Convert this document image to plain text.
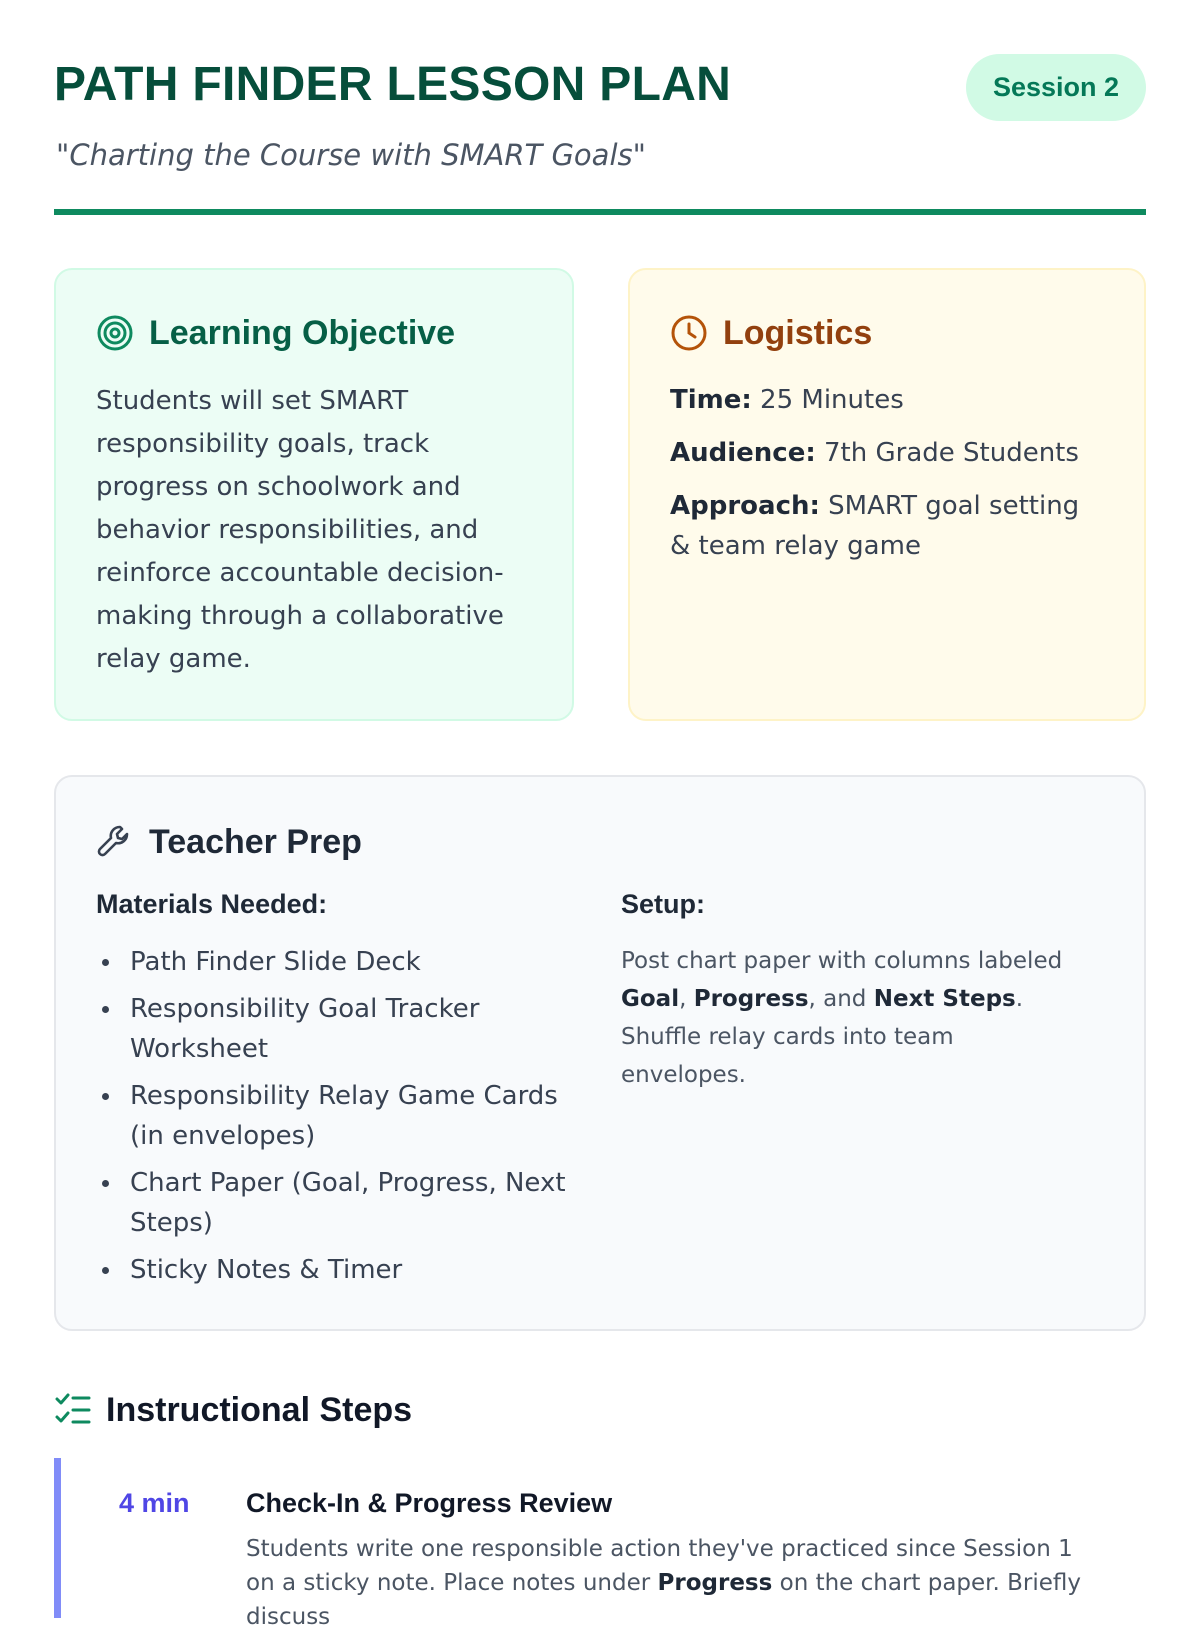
PATH FINDER LESSON PLAN	Session 2
"Charting the Course with SMART Goals"
Learning Objective

Students will set SMART responsibility goals, track progress on schoolwork and behavior responsibilities, and reinforce accountable decision-making through a collaborative relay game.

Logistics
Time: 25 Minutes
Audience: 7th Grade Students
Approach: SMART goal setting & team relay game
Teacher Prep
Materials Needed:
Path Finder Slide Deck
Responsibility Goal Tracker Worksheet
Responsibility Relay Game Cards (in envelopes)
Chart Paper (Goal, Progress, Next Steps)
Sticky Notes & Timer
Setup:

Post chart paper with columns labeled Goal, Progress, and Next Steps. Shuffle relay cards into team envelopes.

Instructional Steps
4 min Check-In & Progress Review

Students write one responsible action they've practiced since Session 1 on a sticky note. Place notes under Progress on the chart paper. Briefly discuss
